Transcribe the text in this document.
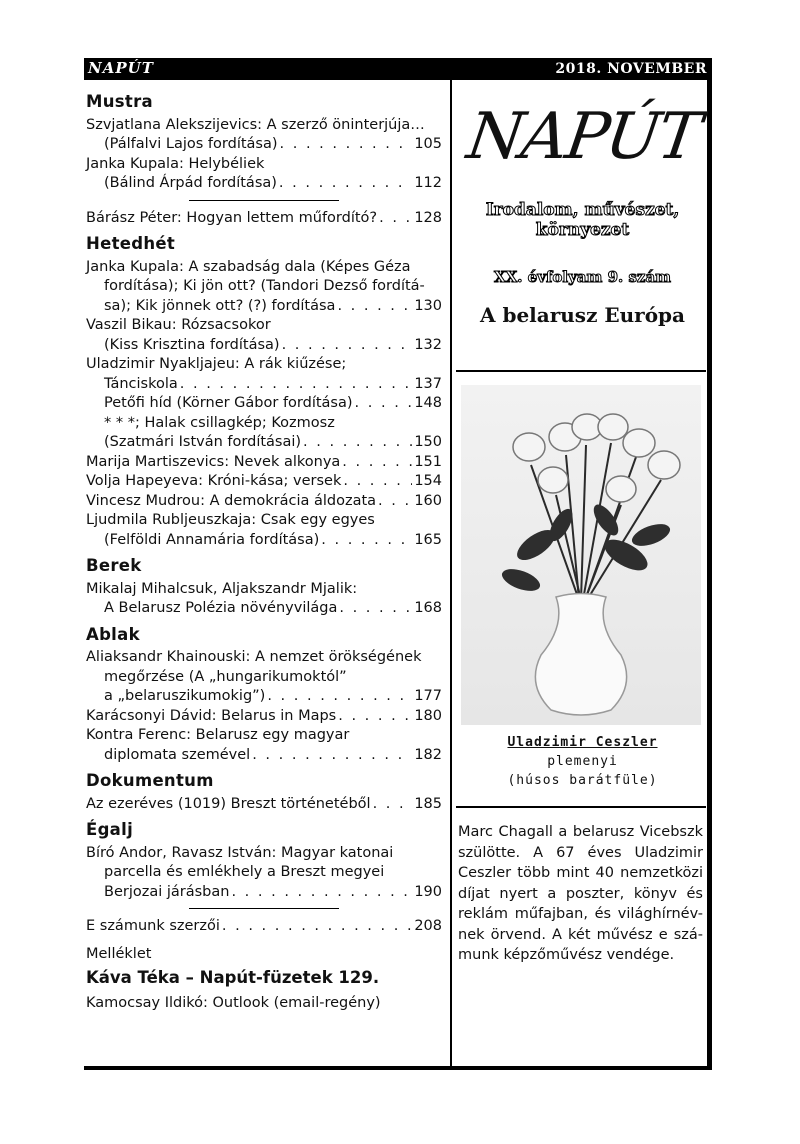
NAPÚT	2018. NOVEMBER
Mustra
Szvjatlana Alekszijevics: A szerző öninterjúja…
(Pálfalvi Lajos fordítása) . . .	105
Janka Kupala: Helybéliek
(Bálind Árpád fordítása) . . .	112
Bárász Péter: Hogyan lettem műfordító? . . .	128
Hetedhét
Janka Kupala: A szabadság dala (Képes Géza
fordítása); Ki jön ott? (Tandori Dezső fordítá-
sa); Kik jönnek ott? (?) fordítása . . .	130
Vaszil Bikau: Rózsacsokor
(Kiss Krisztina fordítása) . . .	132
Uladzimir Nyakljajeu: A rák kiűzése;
Tánciskola . . .	137
Petőfi híd (Körner Gábor fordítása) . . .	148
* * *; Halak csillagkép; Kozmosz
(Szatmári István fordításai) . . .	150
Marija Martiszevics: Nevek alkonya . . .	151
Volja Hapeyeva: Króni-kása; versek . . .	154
Vincesz Mudrou: A demokrácia áldozata . . .	160
Ljudmila Rubljeuszkaja: Csak egy egyes
(Felföldi Annamária fordítása) . . .	165
Berek
Mikalaj Mihalcsuk, Aljakszandr Mjalik:
A Belarusz Polézia növényvilága . . .	168
Ablak
Aliaksandr Khainouski: A nemzet örökségének
megőrzése (A „hungarikumoktól”
a „belaruszikumokig”) . . .	177
Karácsonyi Dávid: Belarus in Maps . . .	180
Kontra Ferenc: Belarusz egy magyar
diplomata szemével . . .	182
Dokumentum
Az ezeréves (1019) Breszt történetéből . . .	185
Égalj
Bíró Andor, Ravasz István: Magyar katonai
parcella és emlékhely a Breszt megyei
Berjozai járásban . . .	190
E számunk szerzői . . .	208
Melléklet
Káva Téka – Napút-füzetek 129.
Kamocsay Ildikó: Outlook (email-regény)
NAPÚT
Irodalom, művészet,
környezet
XX. évfolyam 9. szám
A belarusz Európa
Uladzimir Ceszler
plemenyi
(húsos barátfüle)
Marc Chagall a belarusz Vicebszk szülötte. A 67 éves Uladzimir Ceszler több mint 40 nemzetközi díjat nyert a poszter, könyv és reklám műfajban, és világhírnév-nek örvend. A két művész e szá-munk képzőművész vendége.
